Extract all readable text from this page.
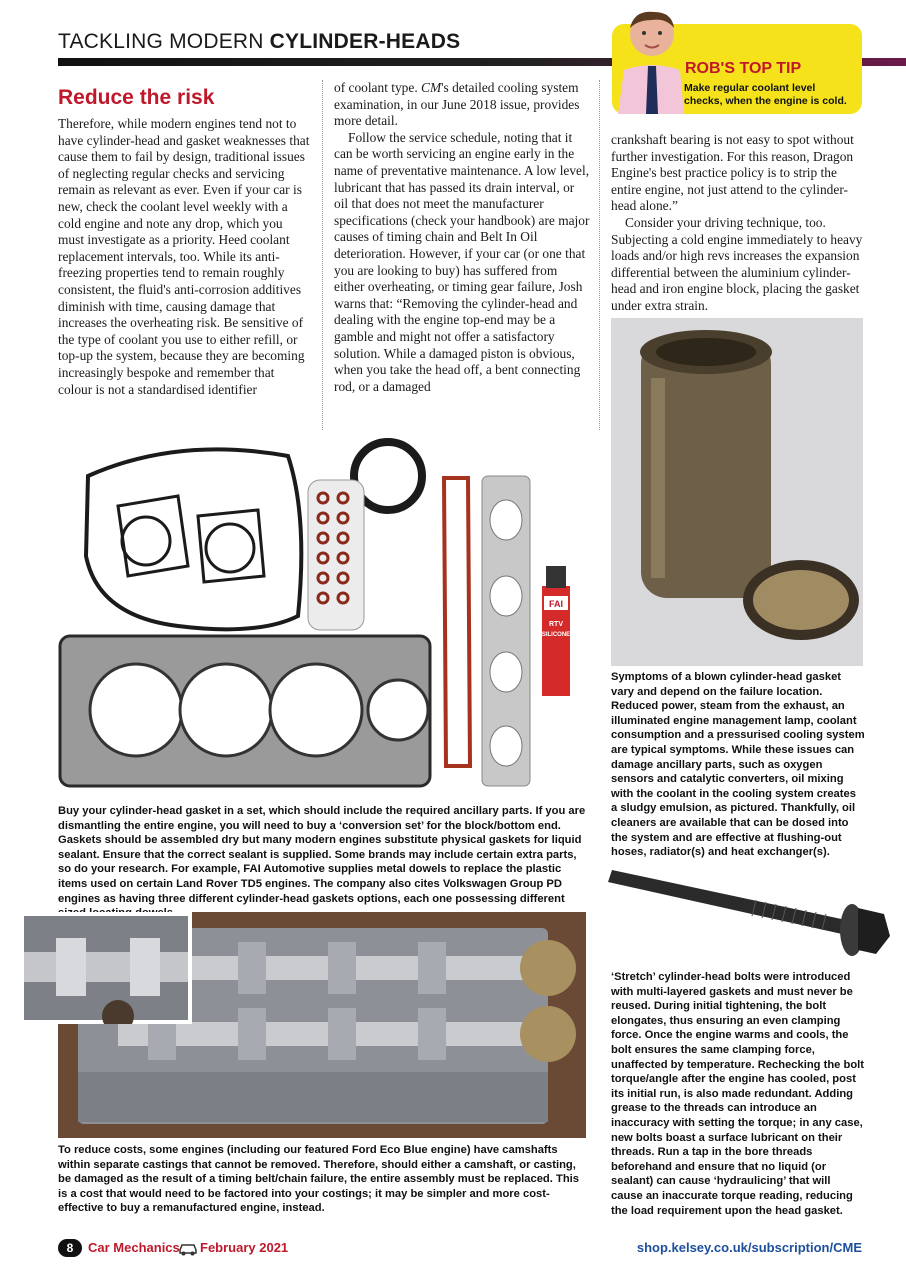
TACKLING MODERN CYLINDER-HEADS
ROB'S TOP TIP
Make regular coolant level checks, when the engine is cold.
Reduce the risk

Therefore, while modern engines tend not to have cylinder-head and gasket weaknesses that cause them to fail by design, traditional issues of neglecting regular checks and servicing remain as relevant as ever. Even if your car is new, check the coolant level weekly with a cold engine and note any drop, which you must investigate as a priority. Heed coolant replacement intervals, too. While its anti-freezing properties tend to remain roughly consistent, the fluid's anti-corrosion additives diminish with time, causing damage that increases the overheating risk. Be sensitive of the type of coolant you use to either refill, or top-up the system, because they are becoming increasingly bespoke and remember that colour is not a standardised identifier

of coolant type. CM's detailed cooling system examination, in our June 2018 issue, provides more detail.

Follow the service schedule, noting that it can be worth servicing an engine early in the name of preventative maintenance. A low level, lubricant that has passed its drain interval, or oil that does not meet the manufacturer specifications (check your handbook) are major causes of timing chain and Belt In Oil deterioration. However, if your car (or one that you are looking to buy) has suffered from either overheating, or timing gear failure, Josh warns that: “Removing the cylinder-head and dealing with the engine top-end may be a gamble and might not offer a satisfactory solution. While a damaged piston is obvious, when you take the head off, a bent connecting rod, or a damaged

crankshaft bearing is not easy to spot without further investigation. For this reason, Dragon Engine's best practice policy is to strip the entire engine, not just attend to the cylinder-head alone.”

Consider your driving technique, too. Subjecting a cold engine immediately to heavy loads and/or high revs increases the expansion differential between the aluminium cylinder-head and iron engine block, placing the gasket under extra strain.

FAI
RTV
SILICONE
Buy your cylinder-head gasket in a set, which should include the required ancillary parts. If you are dismantling the entire engine, you will need to buy a ‘conversion set’ for the block/bottom end. Gaskets should be assembled dry but many modern engines substitute physical gaskets for liquid sealant. Ensure that the correct sealant is supplied. Some brands may include certain extra parts, so do your research. For example, FAI Automotive supplies metal dowels to replace the plastic items used on certain Land Rover TD5 engines. The company also cites Volkswagen Group PD engines as having three different cylinder-head gaskets options, each one possessing different
To reduce costs, some engines (including our featured Ford Eco Blue engine) have camshafts within separate castings that cannot be removed. Therefore, should either a camshaft, or casting, be damaged as the result of a timing belt/chain failure, the entire assembly must be replaced. This is a cost that would need to be factored into your costings; it may be simpler and more cost-effective to buy a remanufactured engine, instead.
Symptoms of a blown cylinder-head gasket vary and depend on the failure location. Reduced power, steam from the exhaust, an illuminated engine management lamp, coolant consumption and a pressurised cooling system are typical symptoms. While these issues can damage ancillary parts, such as oxygen sensors and catalytic converters, oil mixing with the coolant in the cooling system creates a sludgy emulsion, as pictured. Thankfully, oil cleaners are available that can be dosed into the system and are effective at flushing-out hoses, radiator(s) and heat exchanger(s).
‘Stretch’ cylinder-head bolts were introduced with multi-layered gaskets and must never be reused. During initial tightening, the bolt elongates, thus ensuring an even clamping force. Once the engine warms and cools, the bolt ensures the same clamping force, unaffected by temperature. Rechecking the bolt torque/angle after the engine has cooled, post its initial run, is also made redundant. Adding grease to the threads can introduce an inaccuracy with setting the torque; in any case, new bolts boast a surface lubricant on their threads. Run a tap in the bore threads beforehand and ensure that no liquid (or sealant) can cause ‘hydraulicing’ that will cause an inaccurate torque reading, reducing the load requirement upon the head gasket.
8	Car Mechanics February 2021	shop.kelsey.co.uk/subscription/CME
